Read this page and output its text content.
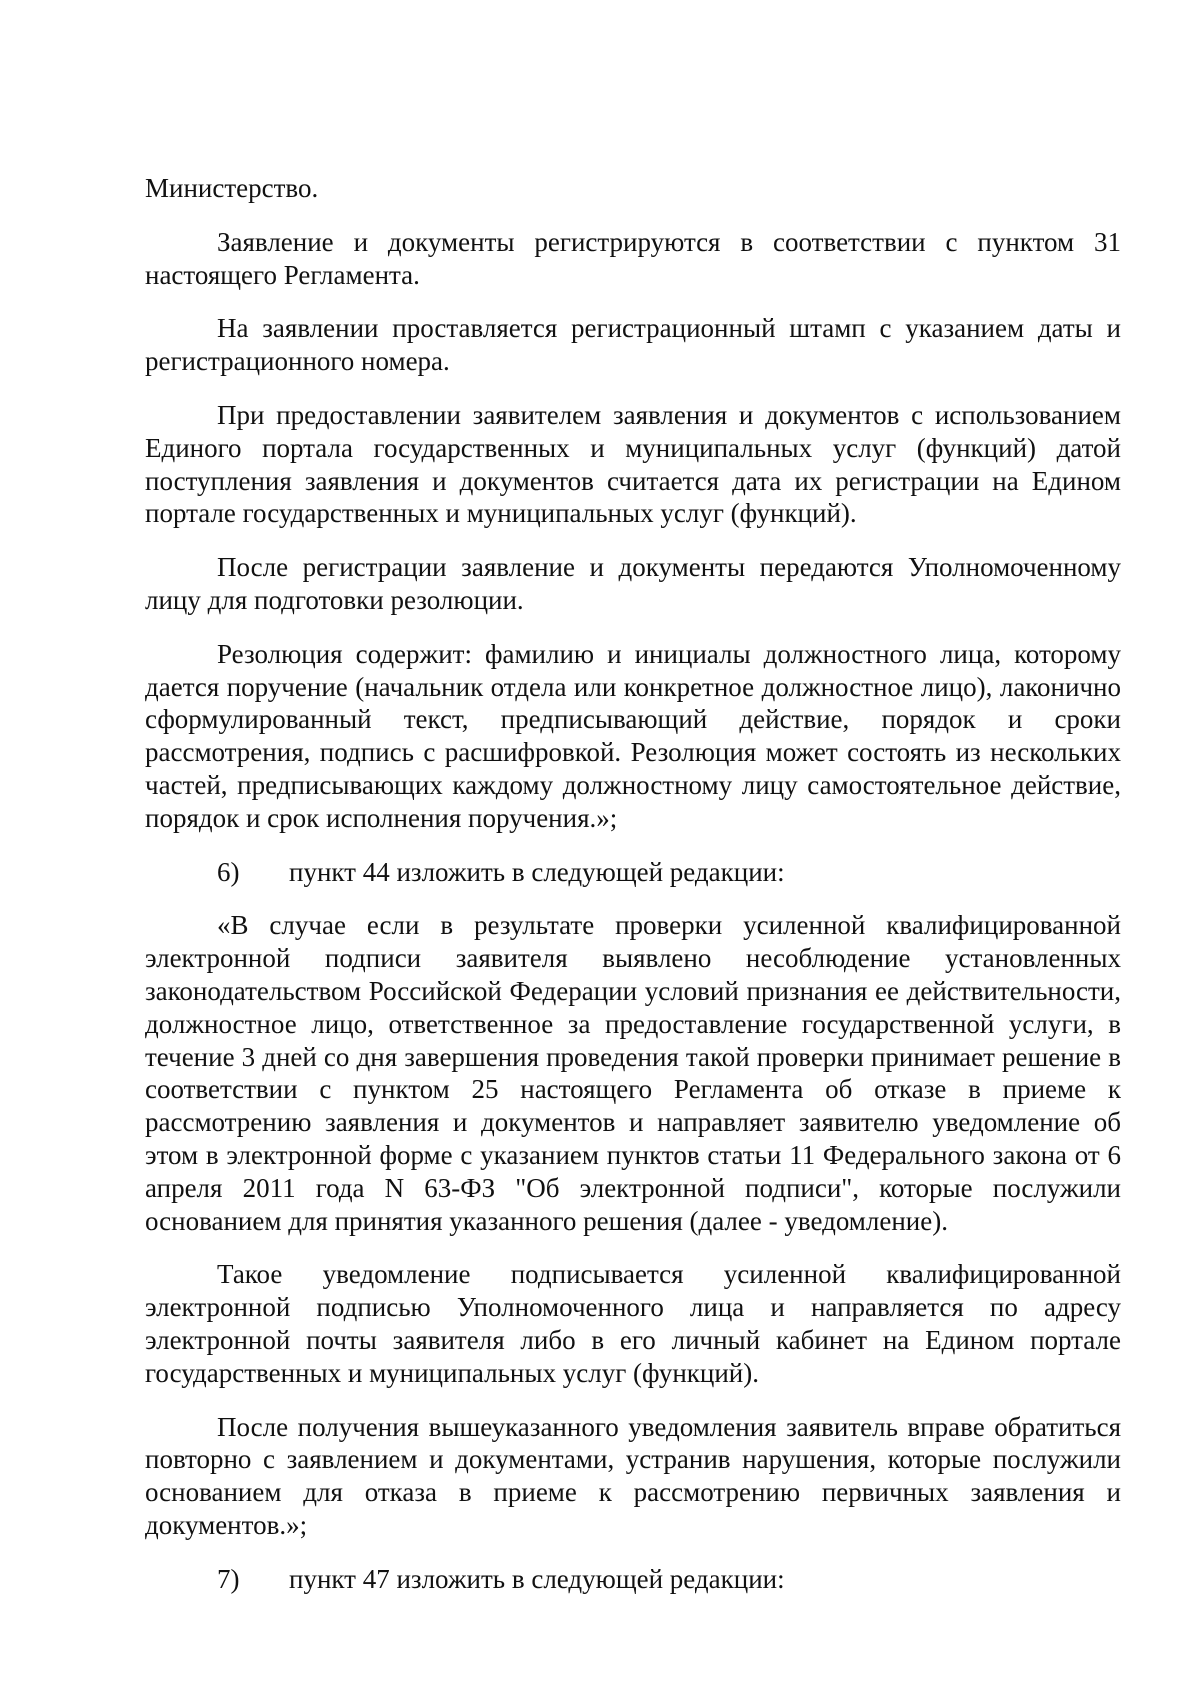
Министерство.

Заявление и документы регистрируются в соответствии с пунктом 31 настоящего Регламента.

На заявлении проставляется регистрационный штамп с указанием даты и регистрационного номера.

При предоставлении заявителем заявления и документов с использованием Единого портала государственных и муниципальных услуг (функций) датой поступления заявления и документов считается дата их регистрации на Едином портале государственных и муниципальных услуг (функций).

После регистрации заявление и документы передаются Уполномоченному лицу для подготовки резолюции.

Резолюция содержит: фамилию и инициалы должностного лица, которому дается поручение (начальник отдела или конкретное должностное лицо), лаконично сформулированный текст, предписывающий действие, порядок и сроки рассмотрения, подпись с расшифровкой. Резолюция может состоять из нескольких частей, предписывающих каждому должностному лицу самостоятельное действие, порядок и срок исполнения поручения.»;

6)	пункт 44 изложить в следующей редакции:

«В случае если в результате проверки усиленной квалифицированной электронной подписи заявителя выявлено несоблюдение установленных законодательством Российской Федерации условий признания ее действительности, должностное лицо, ответственное за предоставление государственной услуги, в течение 3 дней со дня завершения проведения такой проверки принимает решение в соответствии с пунктом 25 настоящего Регламента об отказе в приеме к рассмотрению заявления и документов и направляет заявителю уведомление об этом в электронной форме с указанием пунктов статьи 11 Федерального закона от 6 апреля 2011 года N 63-ФЗ "Об электронной подписи", которые послужили основанием для принятия указанного решения (далее - уведомление).

Такое уведомление подписывается усиленной квалифицированной электронной подписью Уполномоченного лица и направляется по адресу электронной почты заявителя либо в его личный кабинет на Едином портале государственных и муниципальных услуг (функций).

После получения вышеуказанного уведомления заявитель вправе обратиться повторно с заявлением и документами, устранив нарушения, которые послужили основанием для отказа в приеме к рассмотрению первичных заявления и документов.»;

7)	пункт 47 изложить в следующей редакции:
